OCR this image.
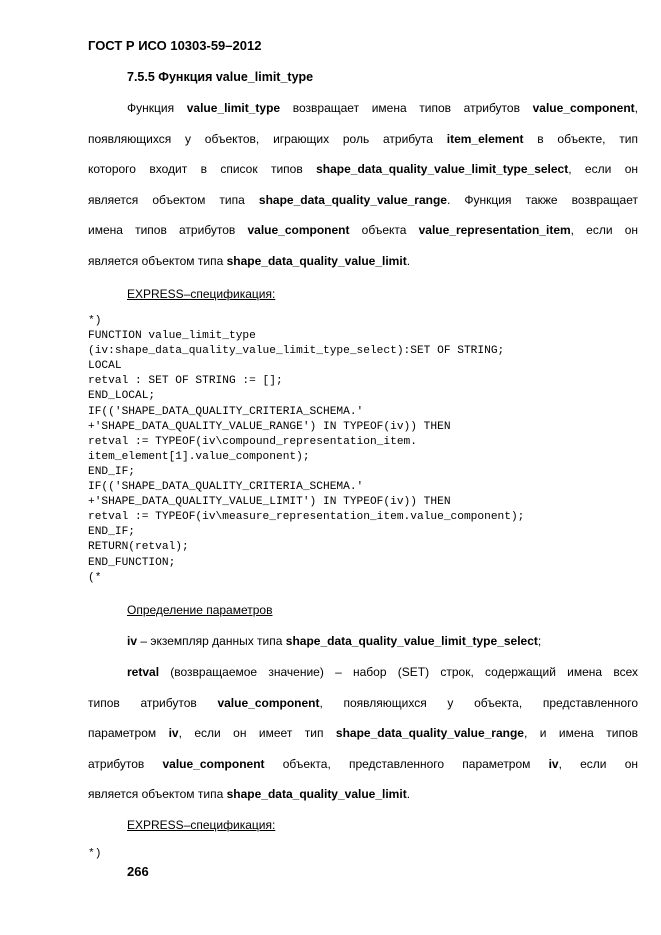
ГОСТ Р ИСО 10303-59–2012
7.5.5 Функция value_limit_type
Функция value_limit_type возвращает имена типов атрибутов value_component,
появляющихся у объектов, играющих роль атрибута item_element в объекте, тип
которого входит в список типов shape_data_quality_value_limit_type_select, если он
является объектом типа shape_data_quality_value_range. Функция также возвращает
имена типов атрибутов value_component объекта value_representation_item, если он
является объектом типа shape_data_quality_value_limit.
EXPRESS–спецификация:
*)
FUNCTION value_limit_type
(iv:shape_data_quality_value_limit_type_select):SET OF STRING;
LOCAL
retval : SET OF STRING := [];
END_LOCAL;
IF(('SHAPE_DATA_QUALITY_CRITERIA_SCHEMA.'
+'SHAPE_DATA_QUALITY_VALUE_RANGE') IN TYPEOF(iv)) THEN
retval := TYPEOF(iv\compound_representation_item.
item_element[1].value_component);
END_IF;
IF(('SHAPE_DATA_QUALITY_CRITERIA_SCHEMA.'
+'SHAPE_DATA_QUALITY_VALUE_LIMIT') IN TYPEOF(iv)) THEN
retval := TYPEOF(iv\measure_representation_item.value_component);
END_IF;
RETURN(retval);
END_FUNCTION;
(*
Определение параметров
iv – экземпляр данных типа shape_data_quality_value_limit_type_select;
retval (возвращаемое значение) – набор (SET) строк, содержащий имена всех
типов атрибутов value_component, появляющихся у объекта, представленного
параметром iv, если он имеет тип shape_data_quality_value_range, и имена типов
атрибутов value_component объекта, представленного параметром iv, если он
является объектом типа shape_data_quality_value_limit.
EXPRESS–спецификация:
*)
266
